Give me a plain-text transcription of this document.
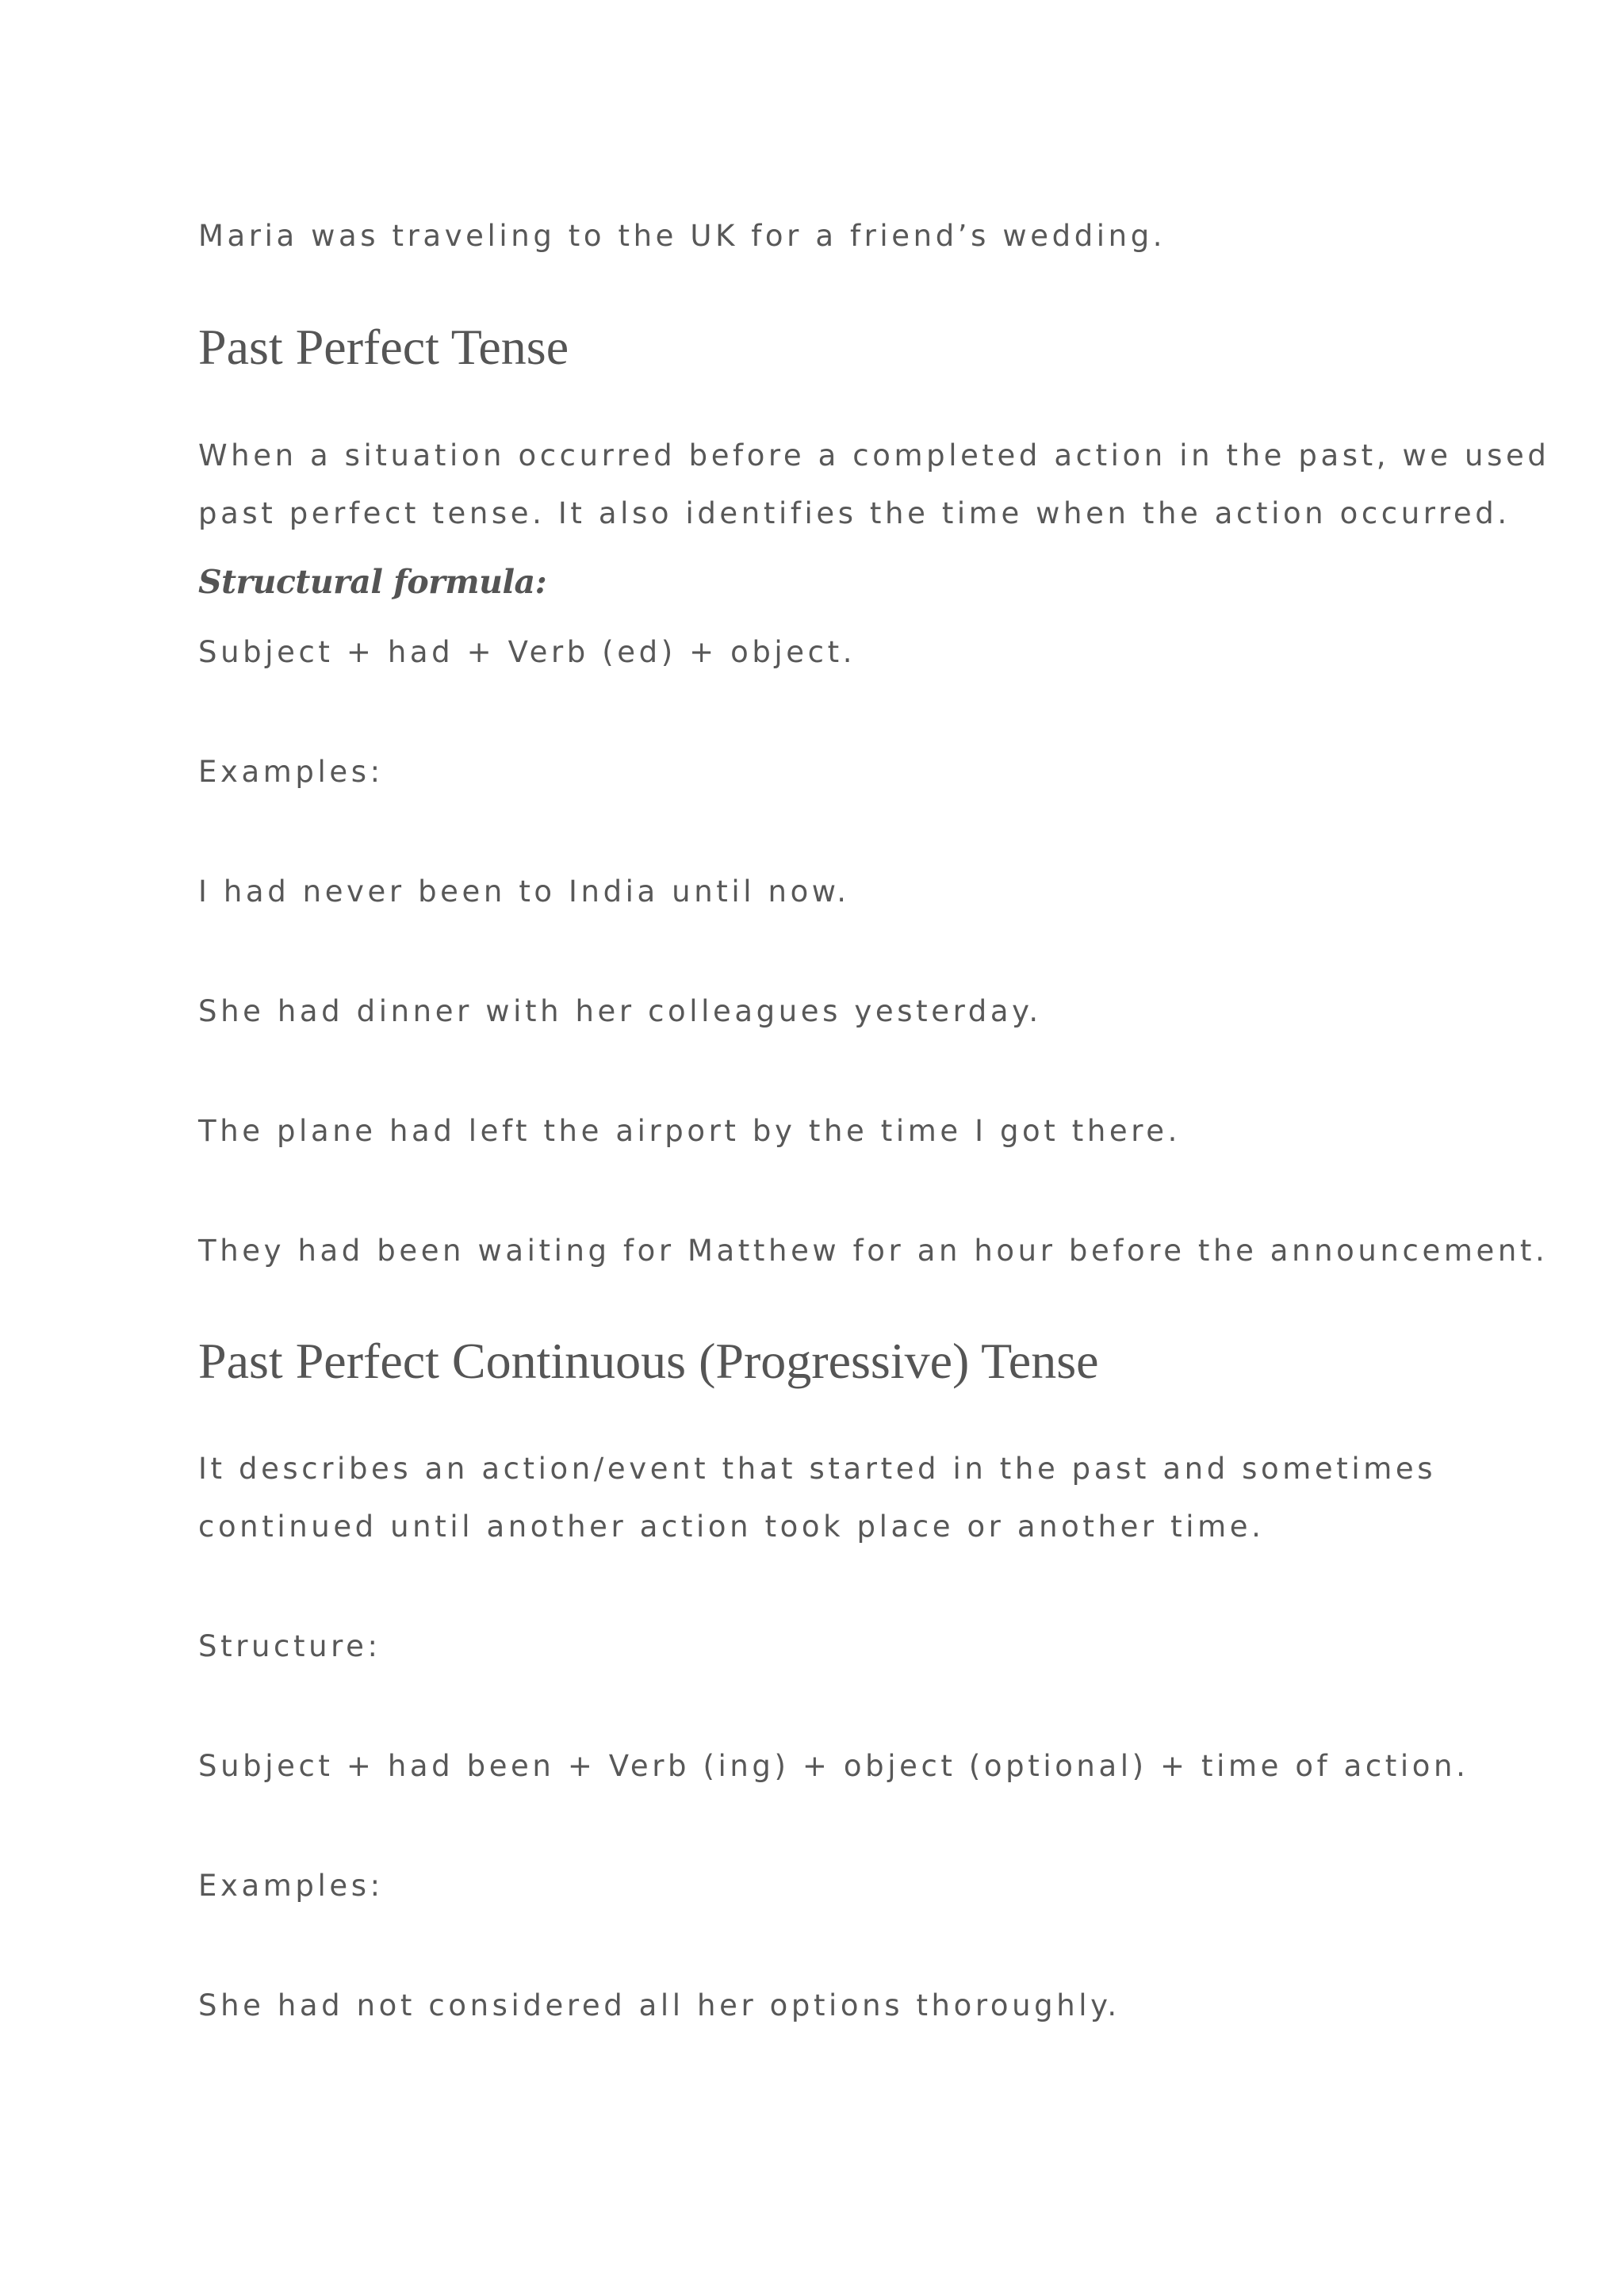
Maria was traveling to the UK for a friend’s wedding.

Past Perfect Tense

When a situation occurred before a completed action in the past, we used

past perfect tense. It also identifies the time when the action occurred.

Structural formula:

Subject + had + Verb (ed) + object.

Examples:

I had never been to India until now.

She had dinner with her colleagues yesterday.

The plane had left the airport by the time I got there.

They had been waiting for Matthew for an hour before the announcement.

Past Perfect Continuous (Progressive) Tense

It describes an action/event that started in the past and sometimes

continued until another action took place or another time.

Structure:

Subject + had been + Verb (ing) + object (optional) + time of action.

Examples:

She had not considered all her options thoroughly.
